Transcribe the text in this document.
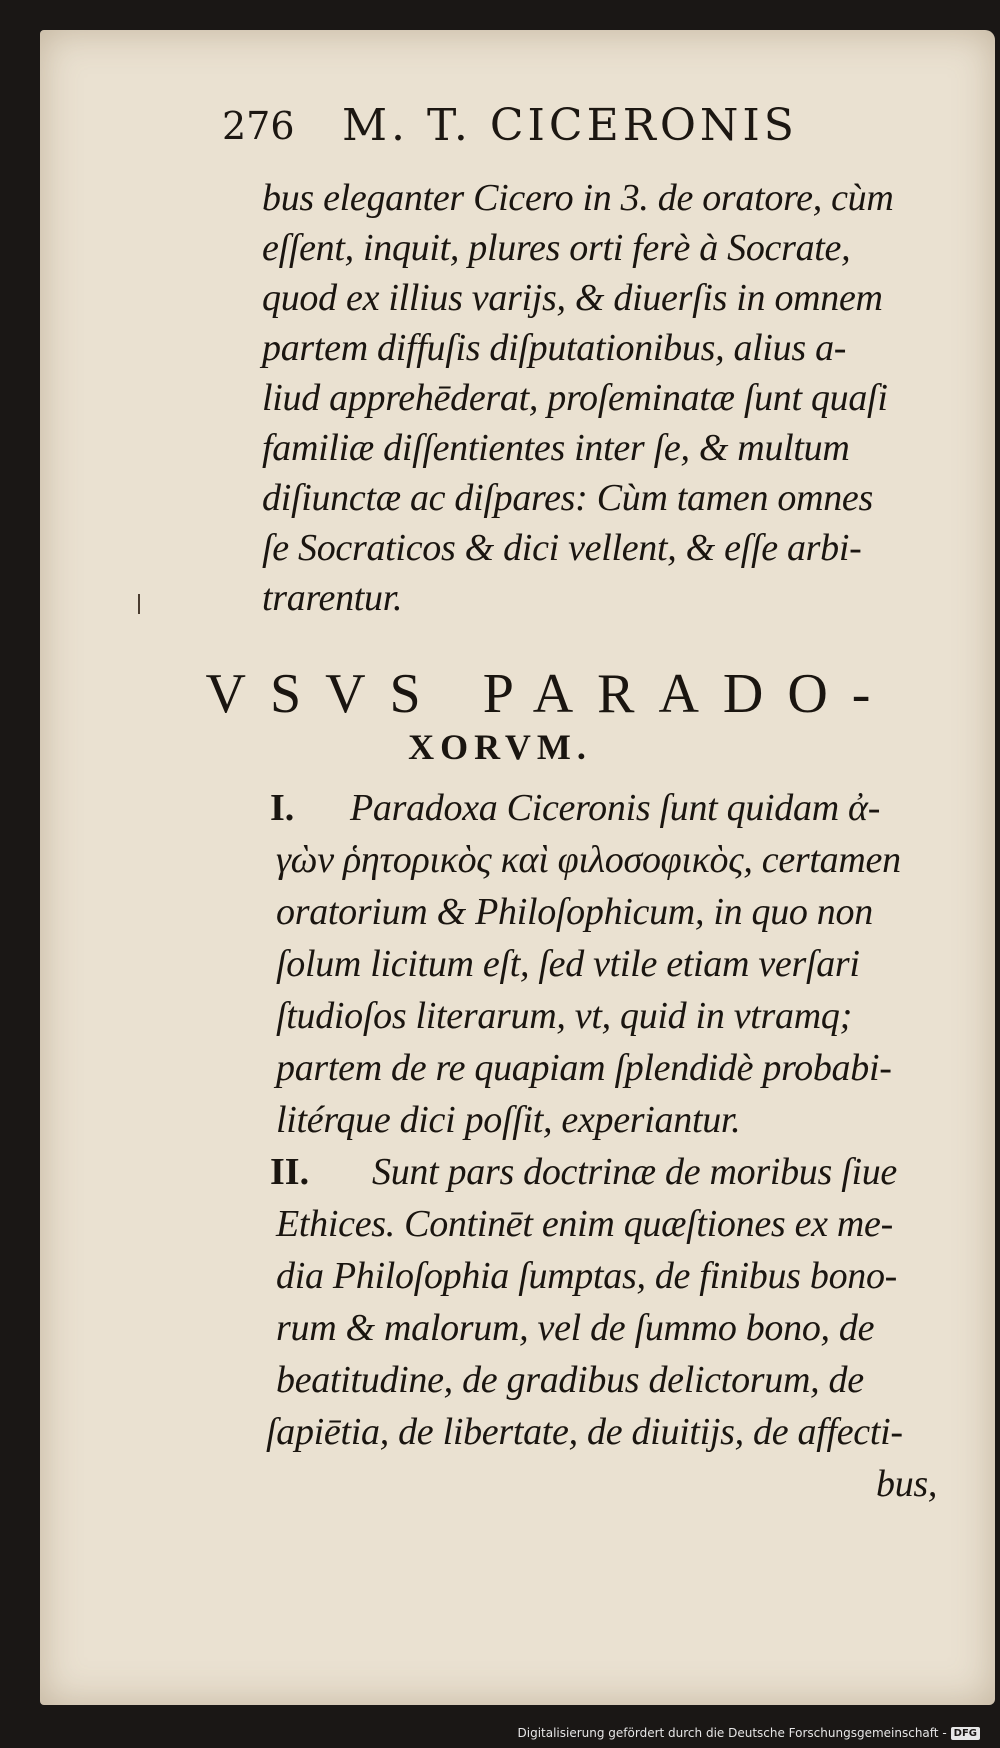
276 M. T. CICERONIS
bus eleganter Cicero in 3. de oratore, cùm
eſſent, inquit, plures orti ferè à Socrate,
quod ex illius varijs, & diuerſis in omnem
partem diffuſis diſputationibus, alius a-
liud apprehēderat, proſeminatæ ſunt quaſi
familiæ diſſentientes inter ſe, & multum
diſiunctæ ac diſpares: Cùm tamen omnes
ſe Socraticos & dici vellent, & eſſe arbi-
trarentur.
VSVS PARADO-
XORVM.
I. Paradoxa Ciceronis ſunt quidam ἀ-
γὼν ῥητορικὸς καὶ φιλοσοφικὸς, certamen
oratorium & Philoſophicum, in quo non
ſolum licitum eſt, ſed vtile etiam verſari
ſtudioſos literarum, vt, quid in vtramq;
partem de re quapiam ſplendidè probabi-
litérque dici poſſit, experiantur.
II. Sunt pars doctrinæ de moribus ſiue
Ethices. Continēt enim quæſtiones ex me-
dia Philoſophia ſumptas, de finibus bono-
rum & malorum, vel de ſummo bono, de
beatitudine, de gradibus delictorum, de
ſapiētia, de libertate, de diuitijs, de affecti-
bus,
Digitalisierung gefördert durch die Deutsche Forschungsgemeinschaft - DFG
